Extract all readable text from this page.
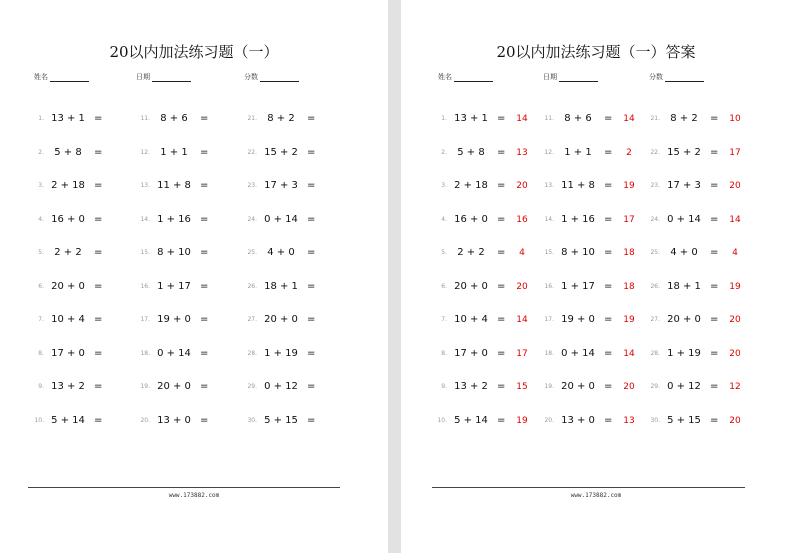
20以内加法练习题（一）
姓名	日期	分数
1. 13 + 1 =
2.	5 + 8	=
3. 2 + 18 =
4. 16 + 0 =
5.	2 + 2	=
6. 20 + 0 =
7. 10 + 4 =
8. 17 + 0 =
9. 13 + 2 =
10. 5 + 14 =
11.	8 + 6	=
12.	1 + 1	=
13. 11 + 8 =
14. 1 + 16 =
15. 8 + 10 =
16. 1 + 17 =
17. 19 + 0 =
18. 0 + 14 =
19. 20 + 0 =
20. 13 + 0 =
21.	8 + 2	=
22. 15 + 2 =
23. 17 + 3 =
24. 0 + 14 =
25.	4 + 0	=
26. 18 + 1 =
27. 20 + 0 =
28. 1 + 19 =
29. 0 + 12 =
30. 5 + 15 =
www.173882.com
20以内加法练习题（一）答案
姓名	日期	分数
1. 13 + 1 =	14
2.	5 + 8	=	13
3. 2 + 18 =	20
4. 16 + 0 =	16
5.	2 + 2	=	4
6. 20 + 0 =	20
7. 10 + 4 =	14
8. 17 + 0 =	17
9. 13 + 2 =	15
10. 5 + 14 =	19
11.	8 + 6	=	14
12.	1 + 1	=	2
13. 11 + 8 =	19
14. 1 + 16 =	17
15. 8 + 10 =	18
16. 1 + 17 =	18
17. 19 + 0 =	19
18. 0 + 14 =	14
19. 20 + 0 =	20
20. 13 + 0 =	13
21.	8 + 2	=	10
22. 15 + 2 =	17
23. 17 + 3 =	20
24. 0 + 14 =	14
25.	4 + 0	=	4
26. 18 + 1 =	19
27. 20 + 0 =	20
28. 1 + 19 =	20
29. 0 + 12 =	12
30. 5 + 15 =	20
www.173882.com
